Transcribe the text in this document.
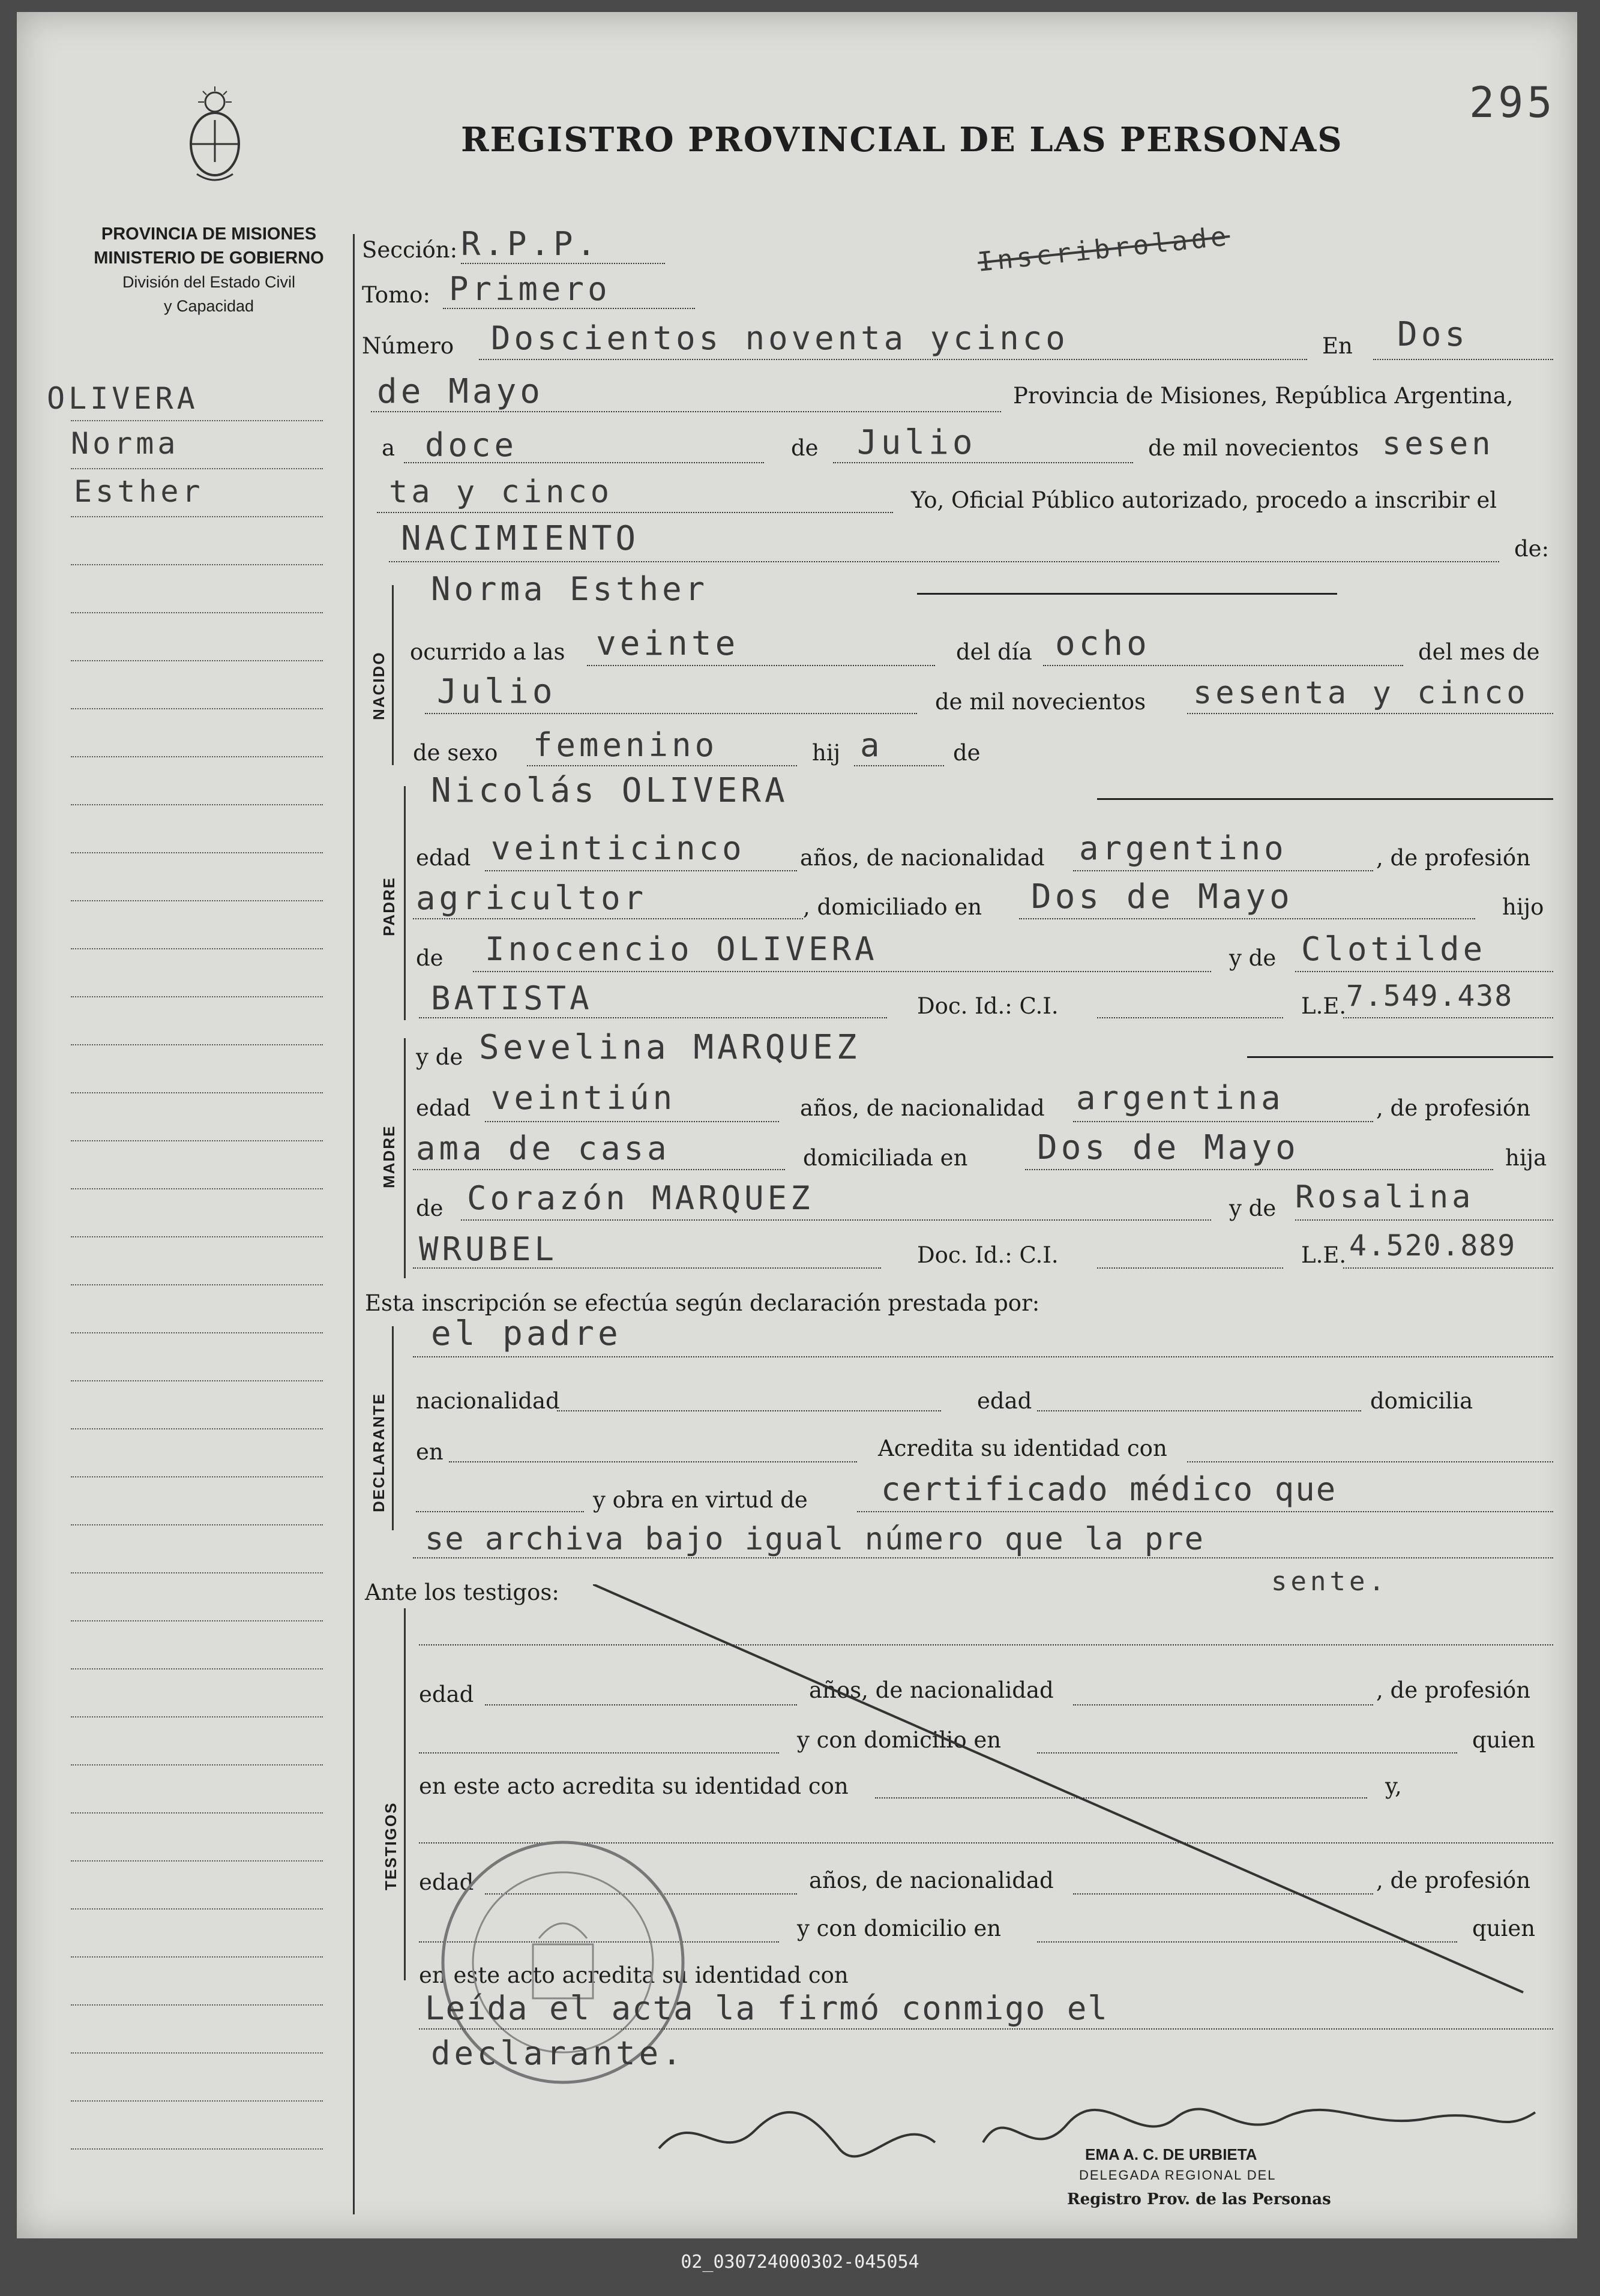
REGISTRO PROVINCIAL DE LAS PERSONAS
295
Inscribrolade
PROVINCIA DE MISIONES
MINISTERIO DE GOBIERNO
División del Estado Civil
y Capacidad
OLIVERA
Norma
Esther
Sección: R.P.P.
Tomo: Primero
Número Doscientos noventa ycinco	En Dos
de Mayo	Provincia de Misiones, República Argentina,
a doce	de Julio	de mil novecientos sesen
ta y cinco	Yo, Oficial Público autorizado, procedo a inscribir el
NACIMIENTO	de:
NACIDO
Norma Esther
ocurrido a las veinte	del día ocho	del mes de
Julio	de mil novecientos sesenta y cinco
de sexo femenino	hij a	de
PADRE
Nicolás OLIVERA
edad veinticinco años, de nacionalidad argentino	, de profesión
agricultor	, domiciliado en Dos de Mayo	hijo
de Inocencio OLIVERA	y de Clotilde
BATISTA	Doc. Id.: C.I.	L.E. 7.549.438
MADRE
y de Sevelina MARQUEZ
edad veintiún	años, de nacionalidad argentina	, de profesión
ama de casa	domiciliada en Dos de Mayo	hija
de Corazón MARQUEZ	y de Rosalina
WRUBEL	Doc. Id.: C.I.	L.E. 4.520.889
Esta inscripción se efectúa según declaración prestada por:
DECLARANTE
el padre
nacionalidad	edad	domicilia
en	Acredita su identidad con
y obra en virtud de certificado médico que
se archiva bajo igual número que la pre
sente.
Ante los testigos:
TESTIGOS
edad	años, de nacionalidad	, de profesión
y con domicilio en	quien
en este acto acredita su identidad con	y,
edad	años, de nacionalidad	, de profesión
y con domicilio en	quien
en este acto acredita su identidad con
Leída el acta la firmó conmigo el
declarante.
EMA A. C. DE URBIETA
DELEGADA REGIONAL DEL
Registro Prov. de las Personas
02_030724000302-045054
